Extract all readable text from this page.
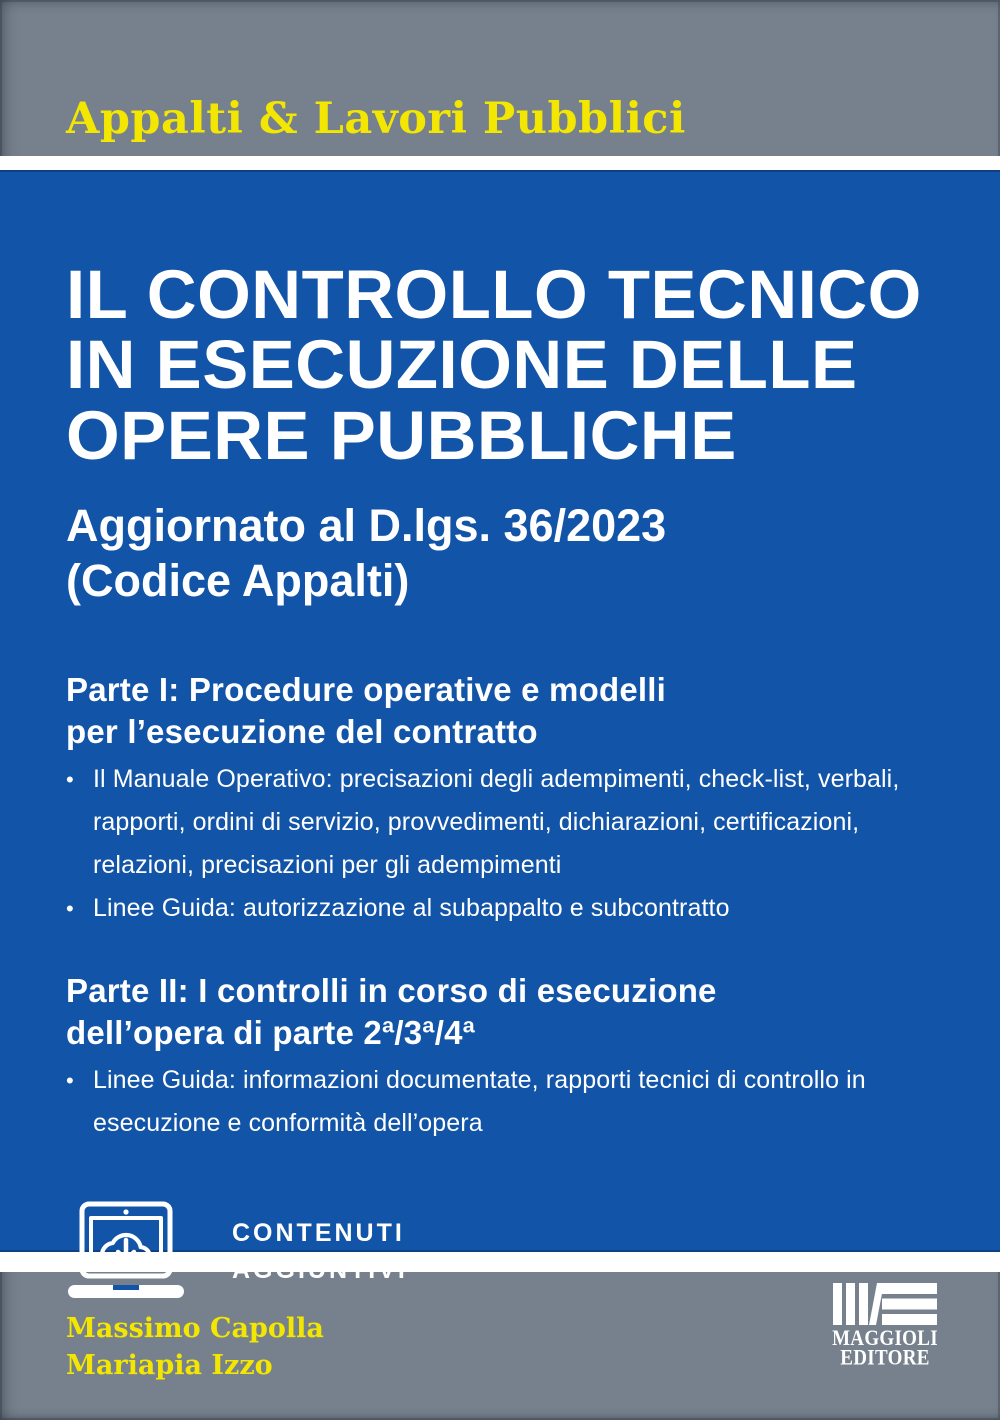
Appalti & Lavori Pubblici
IL CONTROLLO TECNICO
IN ESECUZIONE DELLE
OPERE PUBBLICHE
Aggiornato al D.lgs. 36/2023
(Codice Appalti)
Parte I: Procedure operative e modelli
per l’esecuzione del contratto
• Il Manuale Operativo: precisazioni degli adempimenti, check-list, verbali, rapporti, ordini di servizio, provvedimenti, dichiarazioni, certificazioni, relazioni, precisazioni per gli adempimenti
• Linee Guida: autorizzazione al subappalto e subcontratto
Parte II: I controlli in corso di esecuzione
dell’opera di parte 2ª/3ª/4ª
• Linee Guida: informazioni documentate, rapporti tecnici di controllo in esecuzione e conformità dell’opera
CONTENUTI
Massimo Capolla
Mariapia Izzo
MAGGIOLI
EDITORE
